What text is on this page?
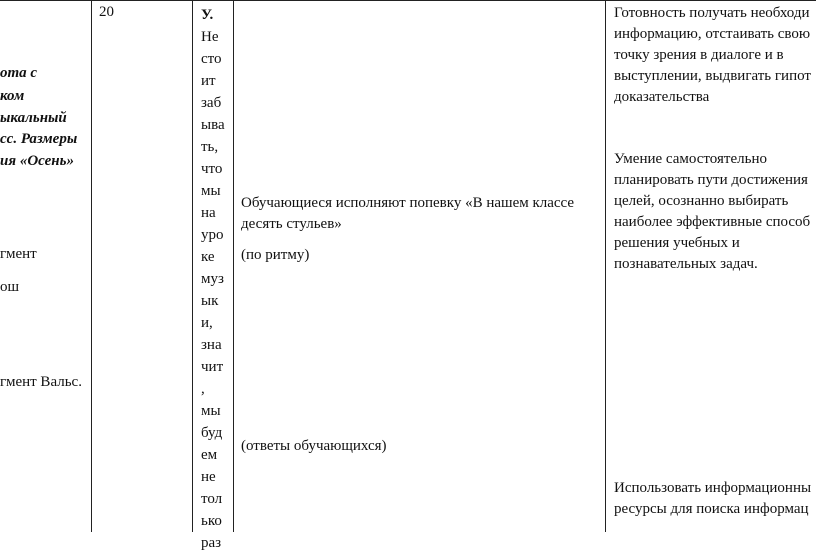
ота с
ком
ыкальный
сс. Размеры
ия «Осень»
гмент
ош
гмент Вальс.
20	У.
Не
сто
ит
заб
ыва
ть,
что
мы
на
уро
ке
муз
ык
и,
зна
чит
,
мы
буд
ем
не
тол
ько
раз
Обучающиеся исполняют попевку «В нашем классе
десять стульев»
(по ритму)
(ответы обучающихся)
Готовность получать необходи
информацию, отстаивать свою
точку зрения в диалоге и в
выступлении, выдвигать гипот
доказательства
Умение самостоятельно
планировать пути достижения
целей, осознанно выбирать
наиболее эффективные способ
решения учебных и
познавательных задач.
Использовать информационны
ресурсы для поиска информац
